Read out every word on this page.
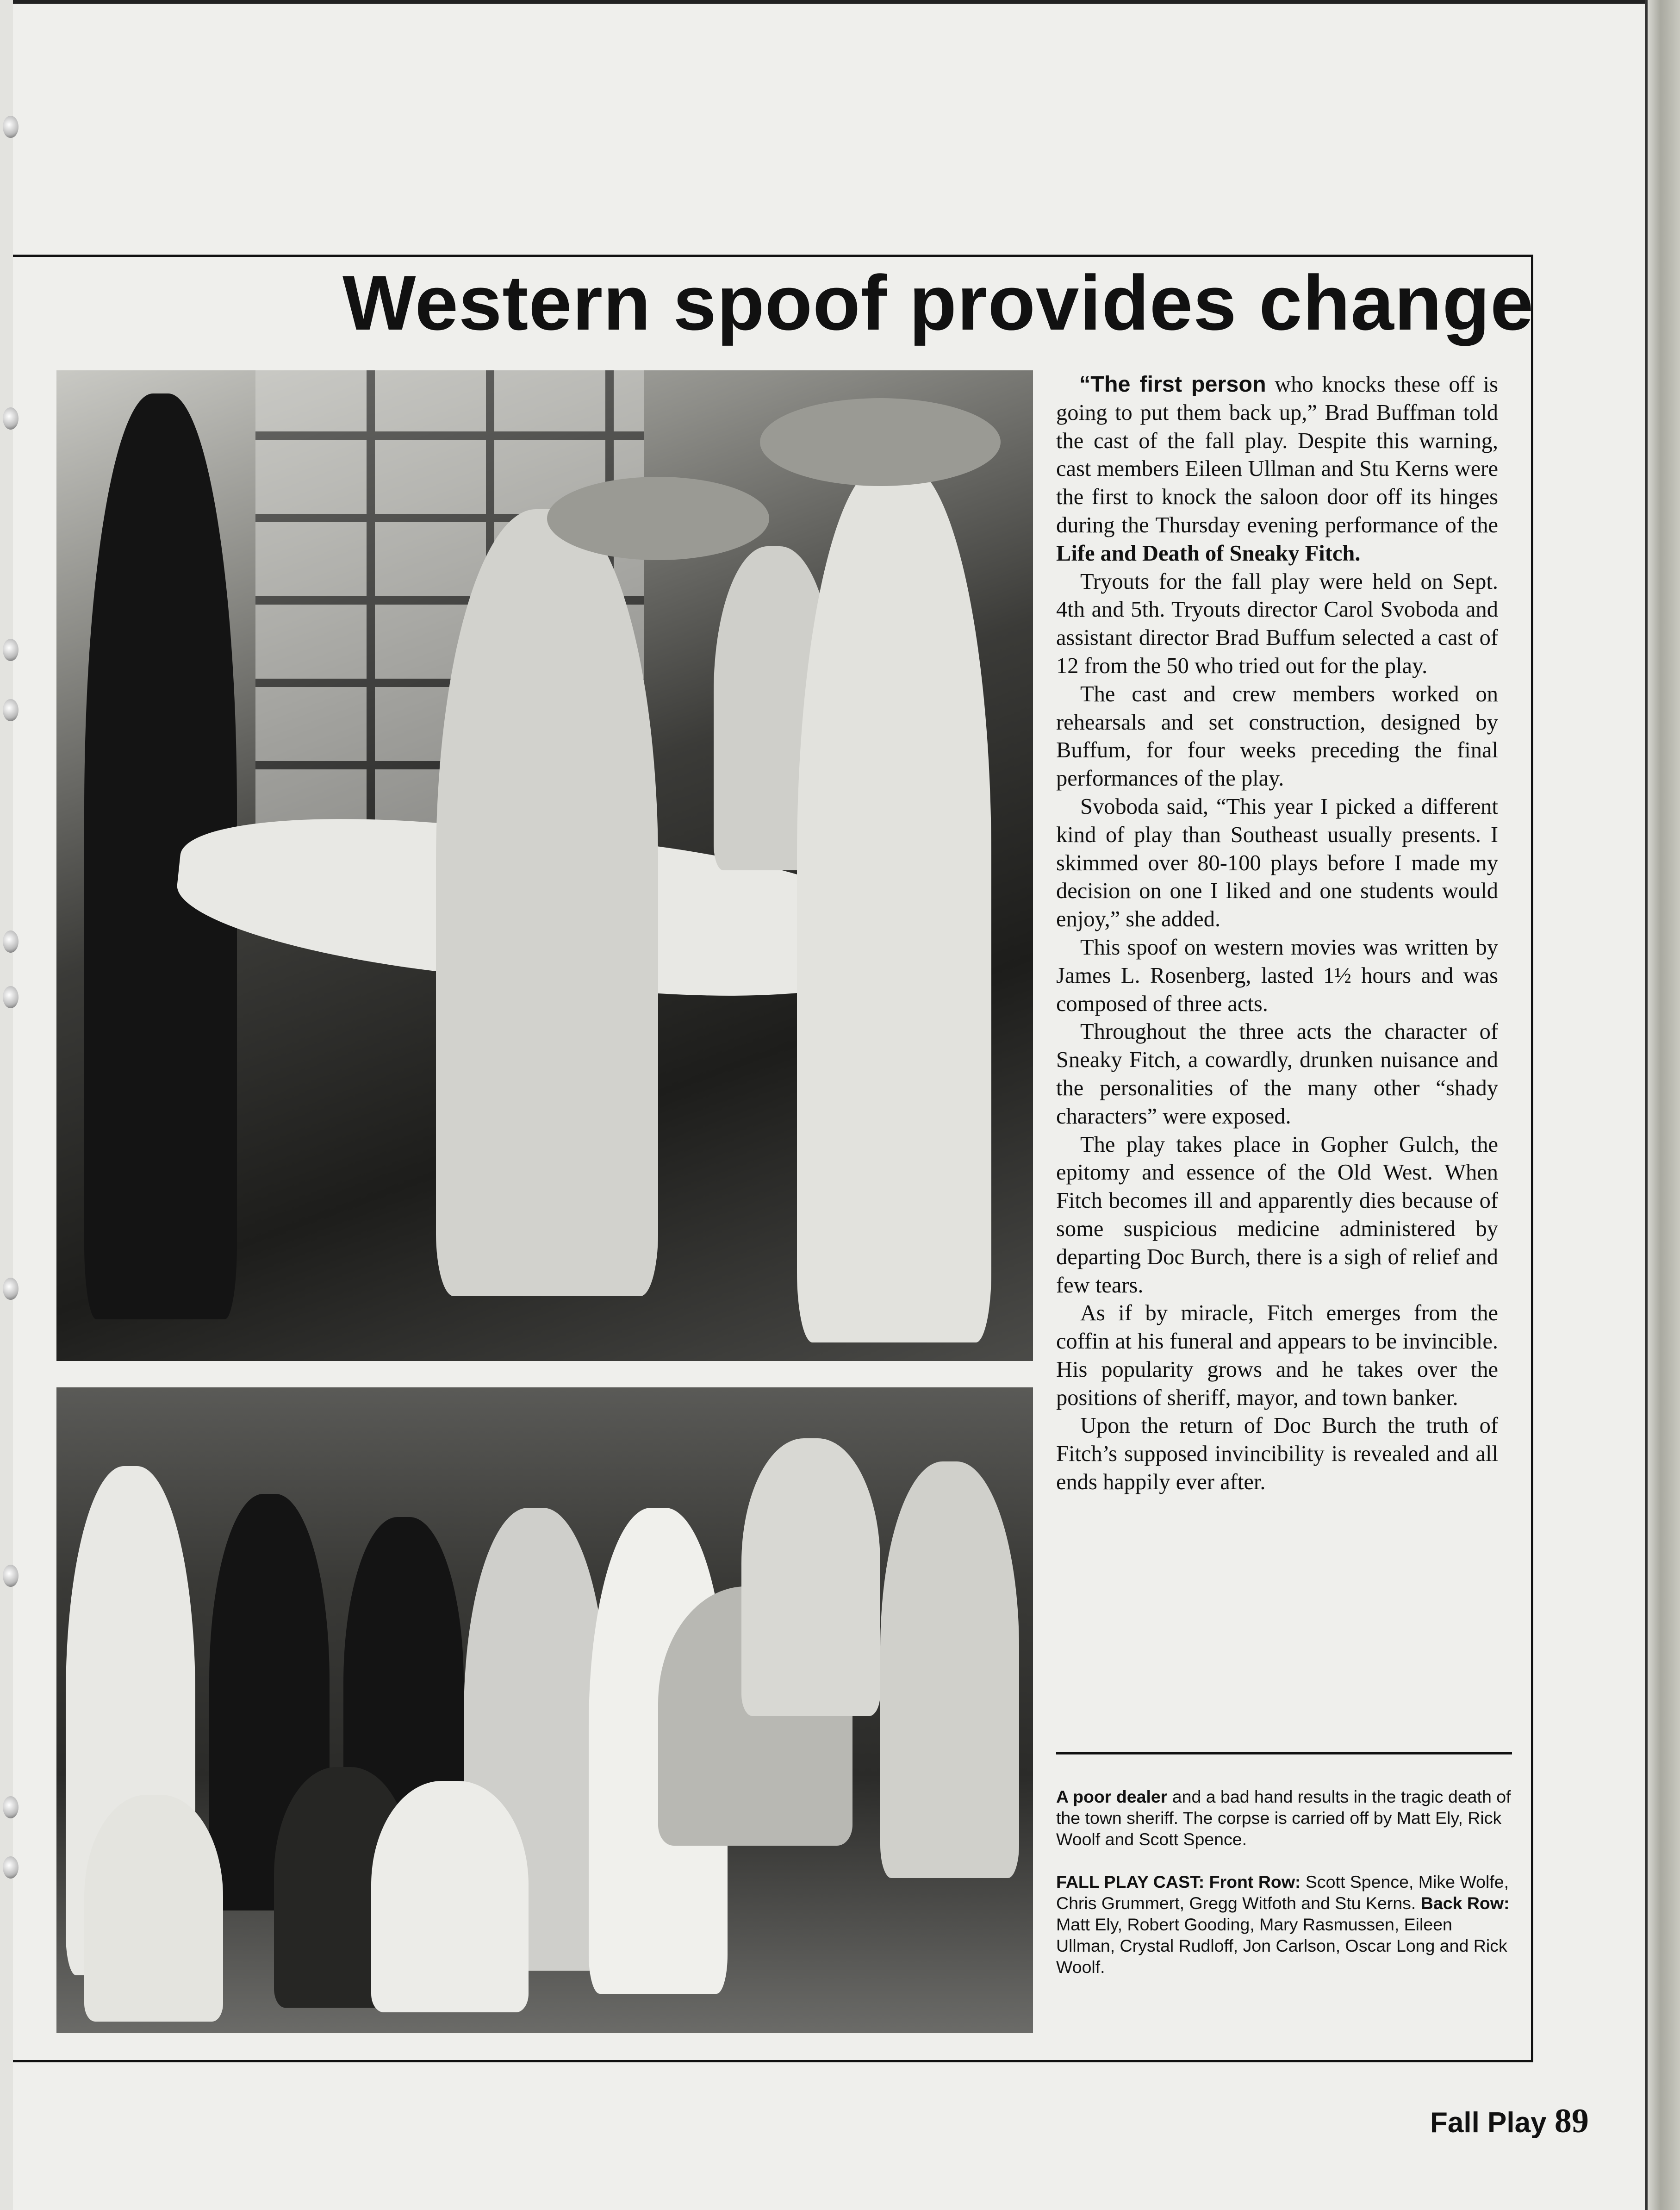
Western spoof provides change

“The first person who knocks these off is going to put them back up,” Brad Buffman told the cast of the fall play. Despite this warning, cast members Eileen Ullman and Stu Kerns were the first to knock the saloon door off its hinges during the Thursday evening performance of the Life and Death of Sneaky Fitch.

Tryouts for the fall play were held on Sept. 4th and 5th. Tryouts director Carol Svoboda and assistant director Brad Buffum selected a cast of 12 from the 50 who tried out for the play.

The cast and crew members worked on rehearsals and set construction, designed by Buffum, for four weeks preceding the final performances of the play.

Svoboda said, “This year I picked a different kind of play than Southeast usually presents. I skimmed over 80-100 plays before I made my decision on one I liked and one students would enjoy,” she added.

This spoof on western movies was written by James L. Rosenberg, lasted 1½ hours and was composed of three acts.

Throughout the three acts the character of Sneaky Fitch, a cowardly, drunken nuisance and the personalities of the many other “shady characters” were exposed.

The play takes place in Gopher Gulch, the epitomy and essence of the Old West. When Fitch becomes ill and apparently dies because of some suspicious medicine administered by departing Doc Burch, there is a sigh of relief and few tears.

As if by miracle, Fitch emerges from the coffin at his funeral and appears to be invincible. His popularity grows and he takes over the positions of sheriff, mayor, and town banker.

Upon the return of Doc Burch the truth of Fitch’s supposed invincibility is revealed and all ends happily ever after.

A poor dealer and a bad hand results in the tragic death of the town sheriff. The corpse is carried off by Matt Ely, Rick Woolf and Scott Spence.

FALL PLAY CAST: Front Row: Scott Spence, Mike Wolfe, Chris Grummert, Gregg Witfoth and Stu Kerns. Back Row: Matt Ely, Robert Gooding, Mary Rasmussen, Eileen Ullman, Crystal Rudloff, Jon Carlson, Oscar Long and Rick Woolf.

Fall Play 89
